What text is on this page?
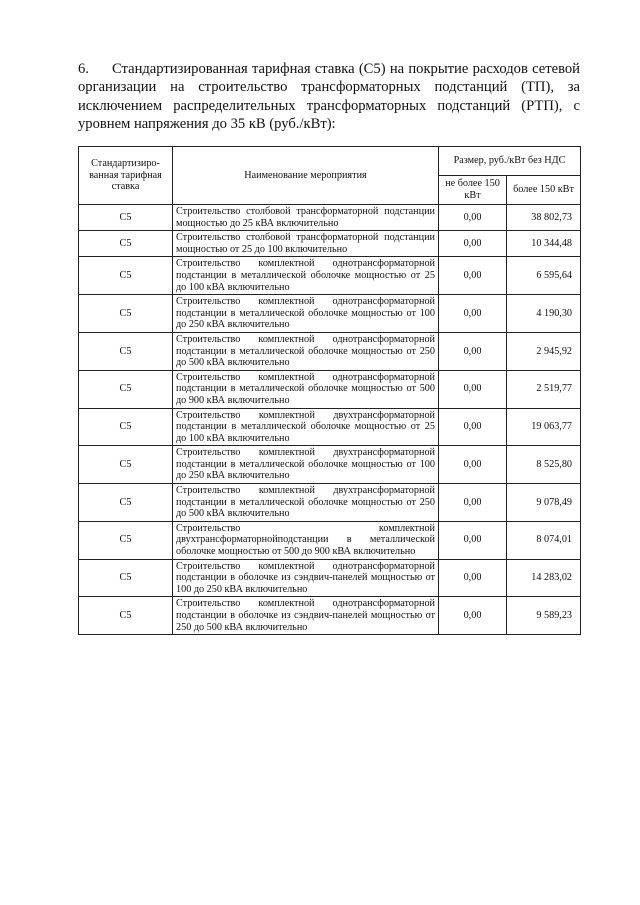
6. Стандартизированная тарифная ставка (С5) на покрытие расходов сетевой организации на строительство трансформаторных подстанций (ТП), за исключением распределительных трансформаторных подстанций (РТП), с уровнем напряжения до 35 кВ (руб./кВт):
Стандартизиро-ванная тарифная ставка	Наименование мероприятия	Размер, руб./кВт без НДС	
		не более 150 кВт	более 150 кВт
С5	Строительство столбовой трансформаторной подстанции мощностью до 25 кВА включительно	0,00	38 802,73
С5	Строительство столбовой трансформаторной подстанции мощностью от 25 до 100 включительно	0,00	10 344,48
С5	Строительство комплектной однотрансформаторной подстанции в металлической оболочке мощностью от 25 до 100 кВА включительно	0,00	6 595,64
С5	Строительство комплектной однотрансформаторной подстанции в металлической оболочке мощностью от 100 до 250 кВА включительно	0,00	4 190,30
С5	Строительство комплектной однотрансформаторной подстанции в металлической оболочке мощностью от 250 до 500 кВА включительно	0,00	2 945,92
С5	Строительство комплектной однотрансформаторной подстанции в металлической оболочке мощностью от 500 до 900 кВА включительно	0,00	2 519,77
С5	Строительство комплектной двухтрансформаторной подстанции в металлической оболочке мощностью от 25 до 100 кВА включительно	0,00	19 063,77
С5	Строительство комплектной двухтрансформаторной подстанции в металлической оболочке мощностью от 100 до 250 кВА включительно	0,00	8 525,80
С5	Строительство комплектной двухтрансформаторной подстанции в металлической оболочке мощностью от 250 до 500 кВА включительно	0,00	9 078,49
С5	Строительство комплектной двухтрансформаторнойподстанции в металлической оболочке мощностью от 500 до 900 кВА включительно	0,00	8 074,01
С5	Строительство комплектной однотрансформаторной подстанции в оболочке из сэндвич-панелей мощностью от 100 до 250 кВА включительно	0,00	14 283,02
С5	Строительство комплектной однотрансформаторной подстанции в оболочке из сэндвич-панелей мощностью от 250 до 500 кВА включительно	0,00	9 589,23
